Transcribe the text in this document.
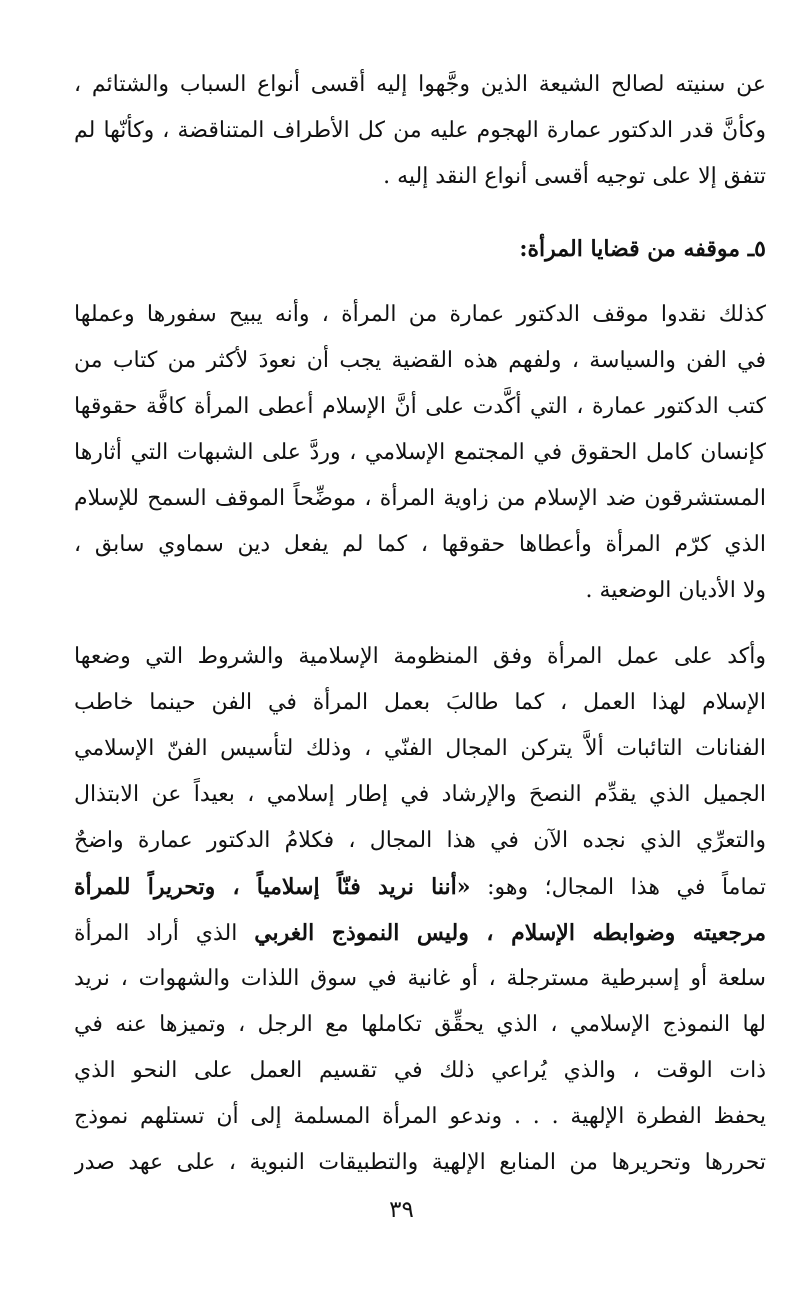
عن سنيته لصالح الشيعة الذين وجَّهوا إليه أقسى أنواع السباب والشتائم ،
وكأنَّ قدر الدكتور عمارة الهجوم عليه من كل الأطراف المتناقضة ، وكأنّها لم
تتفق إلا على توجيه أقسى أنواع النقد إليه .
٥ـ موقفه من قضايا المرأة:
كذلك نقدوا موقف الدكتور عمارة من المرأة ، وأنه يبيح سفورها وعملها
في الفن والسياسة ، ولفهم هذه القضية يجب أن نعودَ لأكثر من كتاب من
كتب الدكتور عمارة ، التي أكَّدت على أنَّ الإسلام أعطى المرأة كافَّة حقوقها
كإنسان كامل الحقوق في المجتمع الإسلامي ، وردَّ على الشبهات التي أثارها
المستشرقون ضد الإسلام من زاوية المرأة ، موضِّحاً الموقف السمح للإسلام
الذي كرّم المرأة وأعطاها حقوقها ، كما لم يفعل دين سماوي سابق ،
ولا الأديان الوضعية .
وأكد على عمل المرأة وفق المنظومة الإسلامية والشروط التي وضعها
الإسلام لهذا العمل ، كما طالبَ بعمل المرأة في الفن حينما خاطب
الفنانات التائبات ألاَّ يتركن المجال الفنّي ، وذلك لتأسيس الفنّ الإسلامي
الجميل الذي يقدِّم النصحَ والإرشاد في إطار إسلامي ، بعيداً عن الابتذال
والتعرِّي الذي نجده الآن في هذا المجال ، فكلامُ الدكتور عمارة واضحٌ
تماماً في هذا المجال؛ وهو: «أننا نريد فنّاً إسلامياً ، وتحريراً للمرأة
مرجعيته وضوابطه الإسلام ، وليس النموذج الغربي الذي أراد المرأة
سلعة أو إسبرطية مسترجلة ، أو غانية في سوق اللذات والشهوات ، نريد
لها النموذج الإسلامي ، الذي يحقِّق تكاملها مع الرجل ، وتميزها عنه في
ذات الوقت ، والذي يُراعي ذلك في تقسيم العمل على النحو الذي
يحفظ الفطرة الإلهية . . . وندعو المرأة المسلمة إلى أن تستلهم نموذج
تحررها وتحريرها من المنابع الإلهية والتطبيقات النبوية ، على عهد صدر
٣٩
